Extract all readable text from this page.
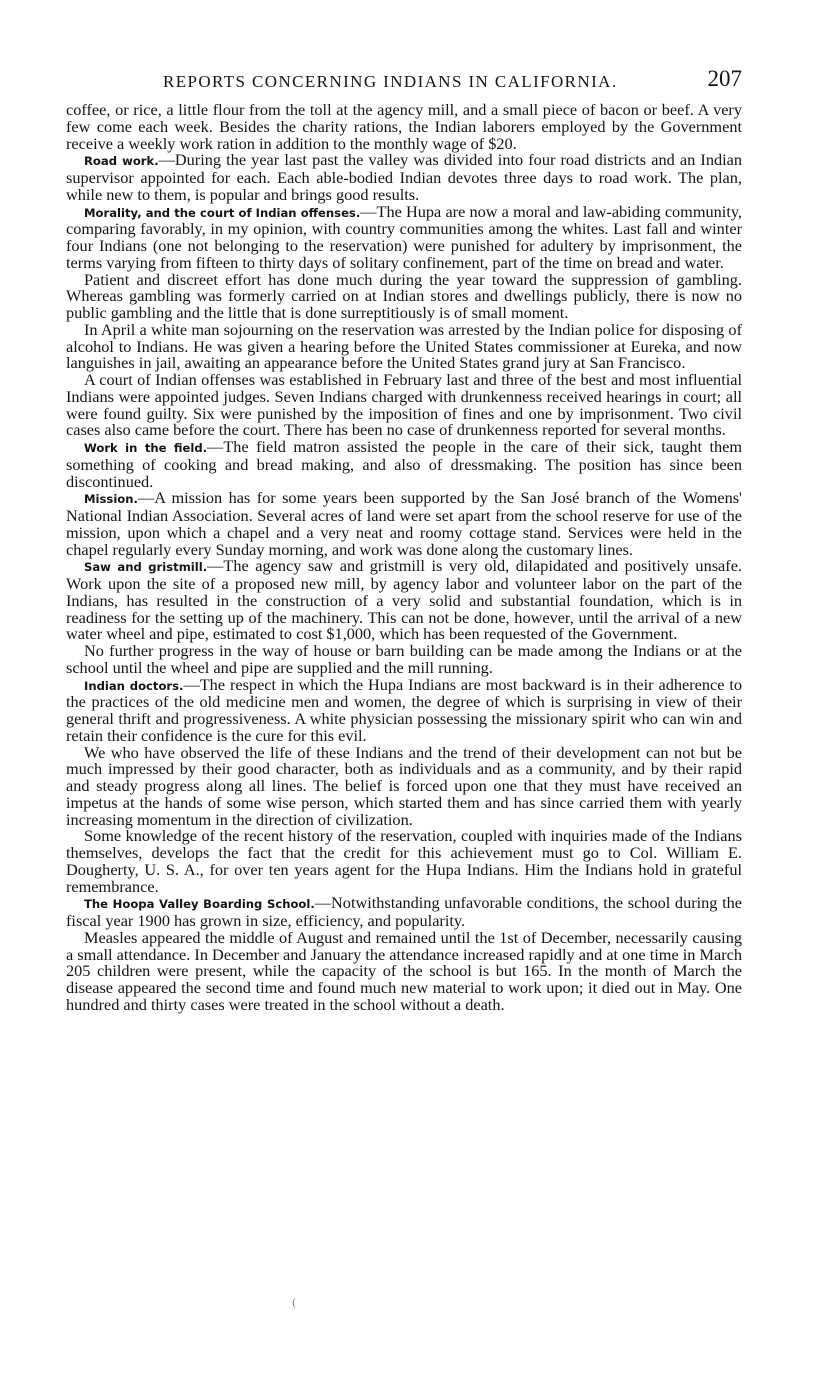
REPORTS CONCERNING INDIANS IN CALIFORNIA.	207

coffee, or rice, a little flour from the toll at the agency mill, and a small piece of bacon or beef. A very few come each week. Besides the charity rations, the Indian laborers employed by the Government receive a weekly work ration in addition to the monthly wage of $20.

Road work.—During the year last past the valley was divided into four road districts and an Indian supervisor appointed for each. Each able-bodied Indian devotes three days to road work. The plan, while new to them, is popular and brings good results.

Morality, and the court of Indian offenses.—The Hupa are now a moral and law-abiding community, comparing favorably, in my opinion, with country communities among the whites. Last fall and winter four Indians (one not belonging to the reservation) were punished for adultery by imprisonment, the terms varying from fifteen to thirty days of solitary confinement, part of the time on bread and water.

Patient and discreet effort has done much during the year toward the suppression of gambling. Whereas gambling was formerly carried on at Indian stores and dwellings publicly, there is now no public gambling and the little that is done surreptitiously is of small moment.

In April a white man sojourning on the reservation was arrested by the Indian police for disposing of alcohol to Indians. He was given a hearing before the United States commissioner at Eureka, and now languishes in jail, awaiting an appearance before the United States grand jury at San Francisco.

A court of Indian offenses was established in February last and three of the best and most influential Indians were appointed judges. Seven Indians charged with drunkenness received hearings in court; all were found guilty. Six were punished by the imposition of fines and one by imprisonment. Two civil cases also came before the court. There has been no case of drunkenness reported for several months.

Work in the field.—The field matron assisted the people in the care of their sick, taught them something of cooking and bread making, and also of dressmaking. The position has since been discontinued.

Mission.—A mission has for some years been supported by the San José branch of the Womens' National Indian Association. Several acres of land were set apart from the school reserve for use of the mission, upon which a chapel and a very neat and roomy cottage stand. Services were held in the chapel regularly every Sunday morning, and work was done along the customary lines.

Saw and gristmill.—The agency saw and gristmill is very old, dilapidated and positively unsafe. Work upon the site of a proposed new mill, by agency labor and volunteer labor on the part of the Indians, has resulted in the construction of a very solid and substantial foundation, which is in readiness for the setting up of the machinery. This can not be done, however, until the arrival of a new water wheel and pipe, estimated to cost $1,000, which has been requested of the Government.

No further progress in the way of house or barn building can be made among the Indians or at the school until the wheel and pipe are supplied and the mill running.

Indian doctors.—The respect in which the Hupa Indians are most backward is in their adherence to the practices of the old medicine men and women, the degree of which is surprising in view of their general thrift and progressiveness. A white physician possessing the missionary spirit who can win and retain their confidence is the cure for this evil.

We who have observed the life of these Indians and the trend of their development can not but be much impressed by their good character, both as individuals and as a community, and by their rapid and steady progress along all lines. The belief is forced upon one that they must have received an impetus at the hands of some wise person, which started them and has since carried them with yearly increasing momentum in the direction of civilization.

Some knowledge of the recent history of the reservation, coupled with inquiries made of the Indians themselves, develops the fact that the credit for this achievement must go to Col. William E. Dougherty, U. S. A., for over ten years agent for the Hupa Indians. Him the Indians hold in grateful remembrance.

The Hoopa Valley Boarding School.—Notwithstanding unfavorable conditions, the school during the fiscal year 1900 has grown in size, efficiency, and popularity.

Measles appeared the middle of August and remained until the 1st of December, necessarily causing a small attendance. In December and January the attendance increased rapidly and at one time in March 205 children were present, while the capacity of the school is but 165. In the month of March the disease appeared the second time and found much new material to work upon; it died out in May. One hundred and thirty cases were treated in the school without a death.

(
